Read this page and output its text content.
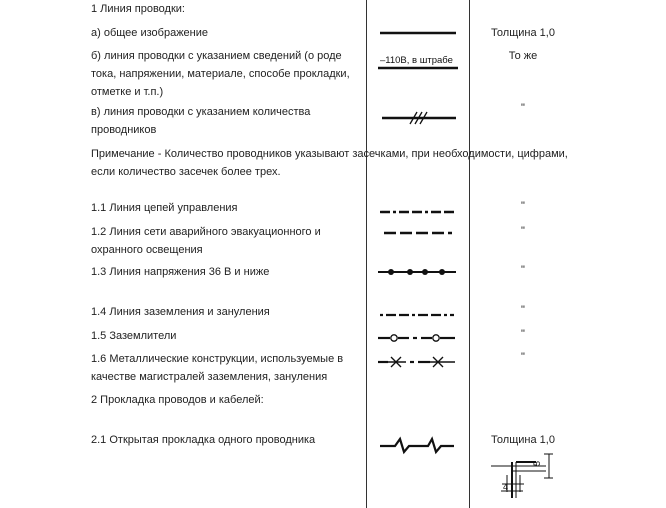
1 Линия проводки:
а) общее изображение
б) линия проводки с указанием сведений (о роде тока, напряжении, материале, способе прокладки, отметке и т.п.)
в) линия проводки с указанием количества проводников
Примечание - Количество проводников указывают засечками, при необходимости, цифрами, если количество засечек более трех.
1.1 Линия цепей управления
1.2 Линия сети аварийного эвакуационного и охранного освещения
1.3 Линия напряжения 36 В и ниже
1.4 Линия заземления и зануления
1.5 Заземлители
1.6 Металлические конструкции, используемые в качестве магистралей заземления, зануления
2 Прокладка проводов и кабелей:
2.1 Открытая прокладка одного проводника
Толщина 1,0
То же
"
"
"
"
"
"
"
Толщина 1,0
–110В, в штрабе
5
4
